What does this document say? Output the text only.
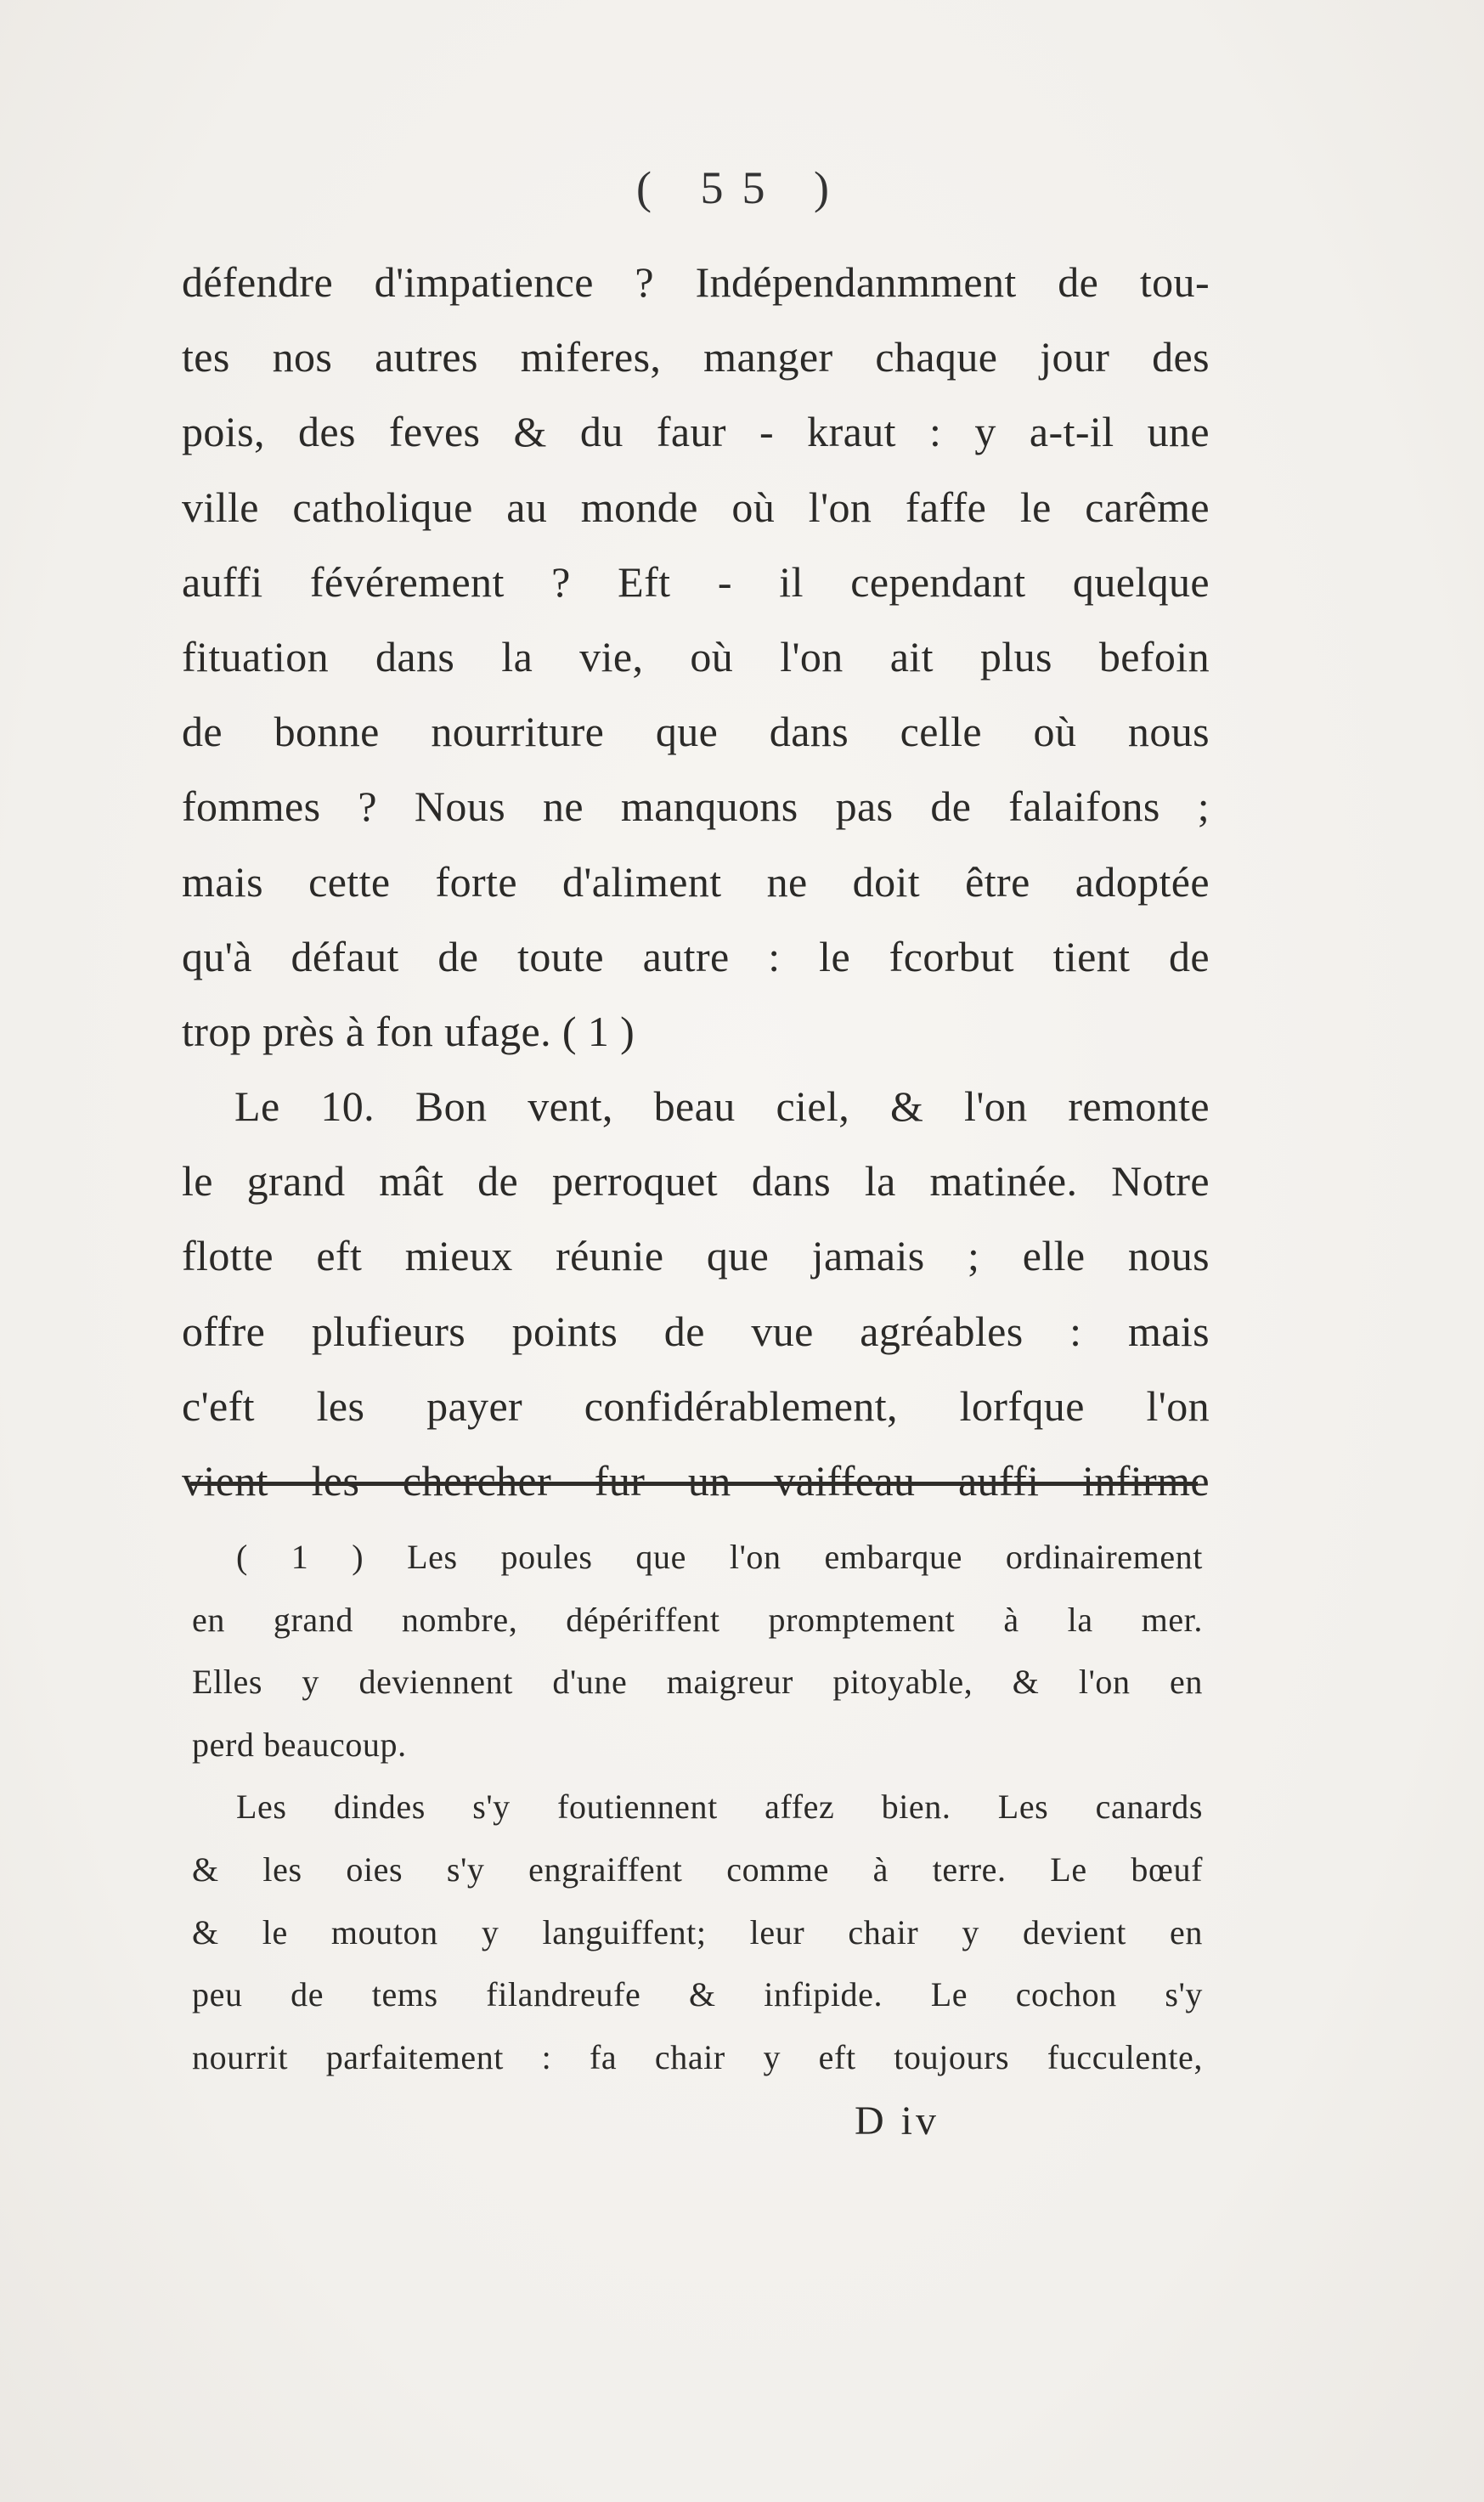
( 55 )
défendre d'impatience ? Indépendanmment de tou-
tes nos autres miferes, manger chaque jour des
pois, des feves & du faur - kraut : y a-t-il une
ville catholique au monde où l'on faffe le carême
auffi févérement ? Eft - il cependant quelque
fituation dans la vie, où l'on ait plus befoin
de bonne nourriture que dans celle où nous
fommes ? Nous ne manquons pas de falaifons ;
mais cette forte d'aliment ne doit être adoptée
qu'à défaut de toute autre : le fcorbut tient de
trop près à fon ufage. ( 1 )
Le 10. Bon vent, beau ciel, & l'on remonte
le grand mât de perroquet dans la matinée. Notre
flotte eft mieux réunie que jamais ; elle nous
offre plufieurs points de vue agréables : mais
c'eft les payer confidérablement, lorfque l'on
vient les chercher fur un vaiffeau auffi infirme
( 1 ) Les poules que l'on embarque ordinairement
en grand nombre, dépériffent promptement à la mer.
Elles y deviennent d'une maigreur pitoyable, & l'on en
perd beaucoup.
Les dindes s'y foutiennent affez bien. Les canards
& les oies s'y engraiffent comme à terre. Le bœuf
& le mouton y languiffent; leur chair y devient en
peu de tems filandreufe & infipide. Le cochon s'y
nourrit parfaitement : fa chair y eft toujours fucculente,
D iv
